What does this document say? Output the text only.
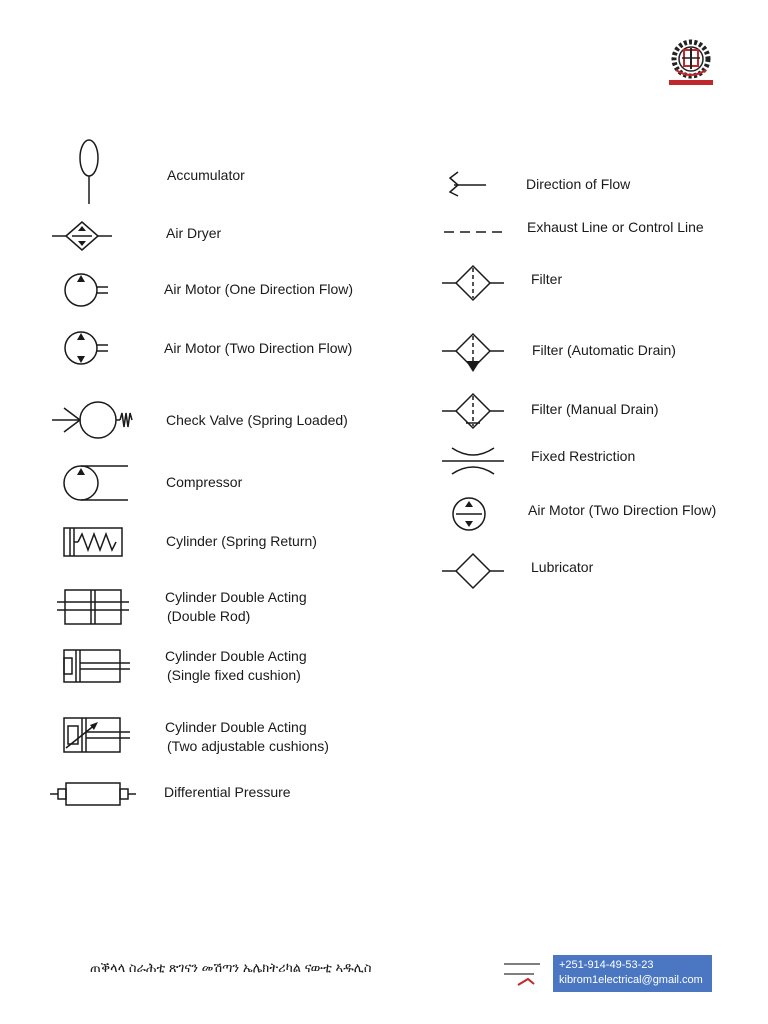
Accumulator
Air Dryer
Air Motor (One Direction Flow)
Air Motor (Two Direction Flow)
Check Valve (Spring Loaded)
Compressor
Cylinder (Spring Return)
Cylinder Double Acting
(Double Rod)
Cylinder Double Acting
(Single fixed cushion)
Cylinder Double Acting
(Two adjustable cushions)
Differential Pressure
Direction of Flow
Exhaust Line or Control Line
Filter
Filter (Automatic Drain)
Filter (Manual Drain)
Fixed Restriction
Air Motor (Two Direction Flow)
Lubricator
ጠቕላላ ስራሕቲ ጽገናን መሽጣን ኤሌክትሪካል ናውቲ ኣዱሊስ	+251-914-49-53-23
kibrom1electrical@gmail.com
